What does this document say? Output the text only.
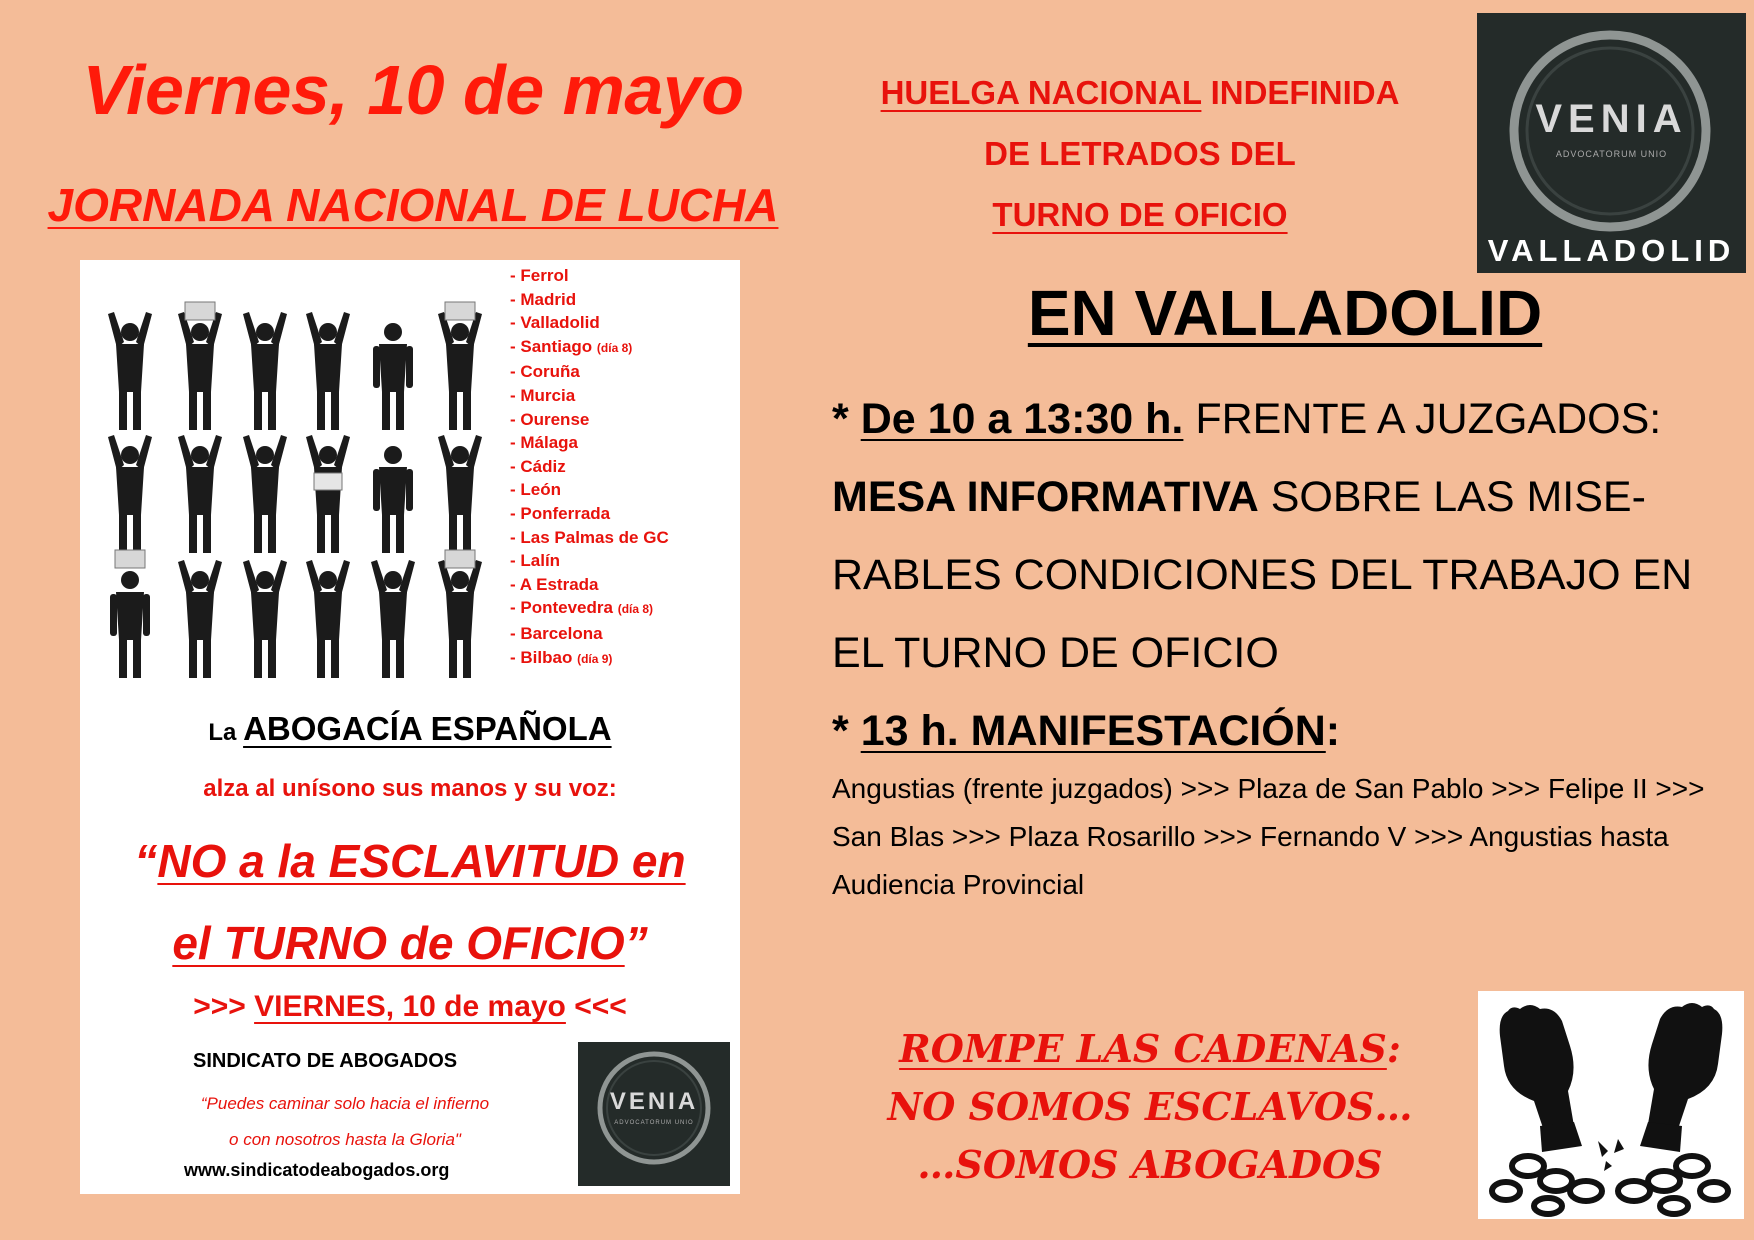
Viernes, 10 de mayo
JORNADA NACIONAL DE LUCHA
HUELGA NACIONAL INDEFINIDA
DE LETRADOS DEL
TURNO DE OFICIO
VENIA
ADVOCATORUM UNIO
VALLADOLID
EN VALLADOLID
* De 10 a 13:30 h. FRENTE A JUZGADOS:
MESA INFORMATIVA SOBRE LAS MISE-
RABLES CONDICIONES DEL TRABAJO EN
EL TURNO DE OFICIO
* 13 h. MANIFESTACIÓN:
Angustias (frente juzgados) >>> Plaza de San Pablo >>> Felipe II >>>
San Blas >>> Plaza Rosarillo >>> Fernando V >>> Angustias hasta
Audiencia Provincial
ROMPE LAS CADENAS:
NO SOMOS ESCLAVOS…
…SOMOS ABOGADOS
- Ferrol
- Madrid
- Valladolid
- Santiago (día 8)
- Coruña
- Murcia
- Ourense
- Málaga
- Cádiz
- León
- Ponferrada
- Las Palmas de GC
- Lalín
- A Estrada
- Pontevedra (día 8)
- Barcelona
- Bilbao (día 9)
La ABOGACÍA ESPAÑOLA
alza al unísono sus manos y su voz:
“NO a la ESCLAVITUD en
el TURNO de OFICIO”
>>> VIERNES, 10 de mayo <<<
SINDICATO DE ABOGADOS
“Puedes caminar solo hacia el infierno
o con nosotros hasta la Gloria"
www.sindicatodeabogados.org
VENIA
ADVOCATORUM UNIO
